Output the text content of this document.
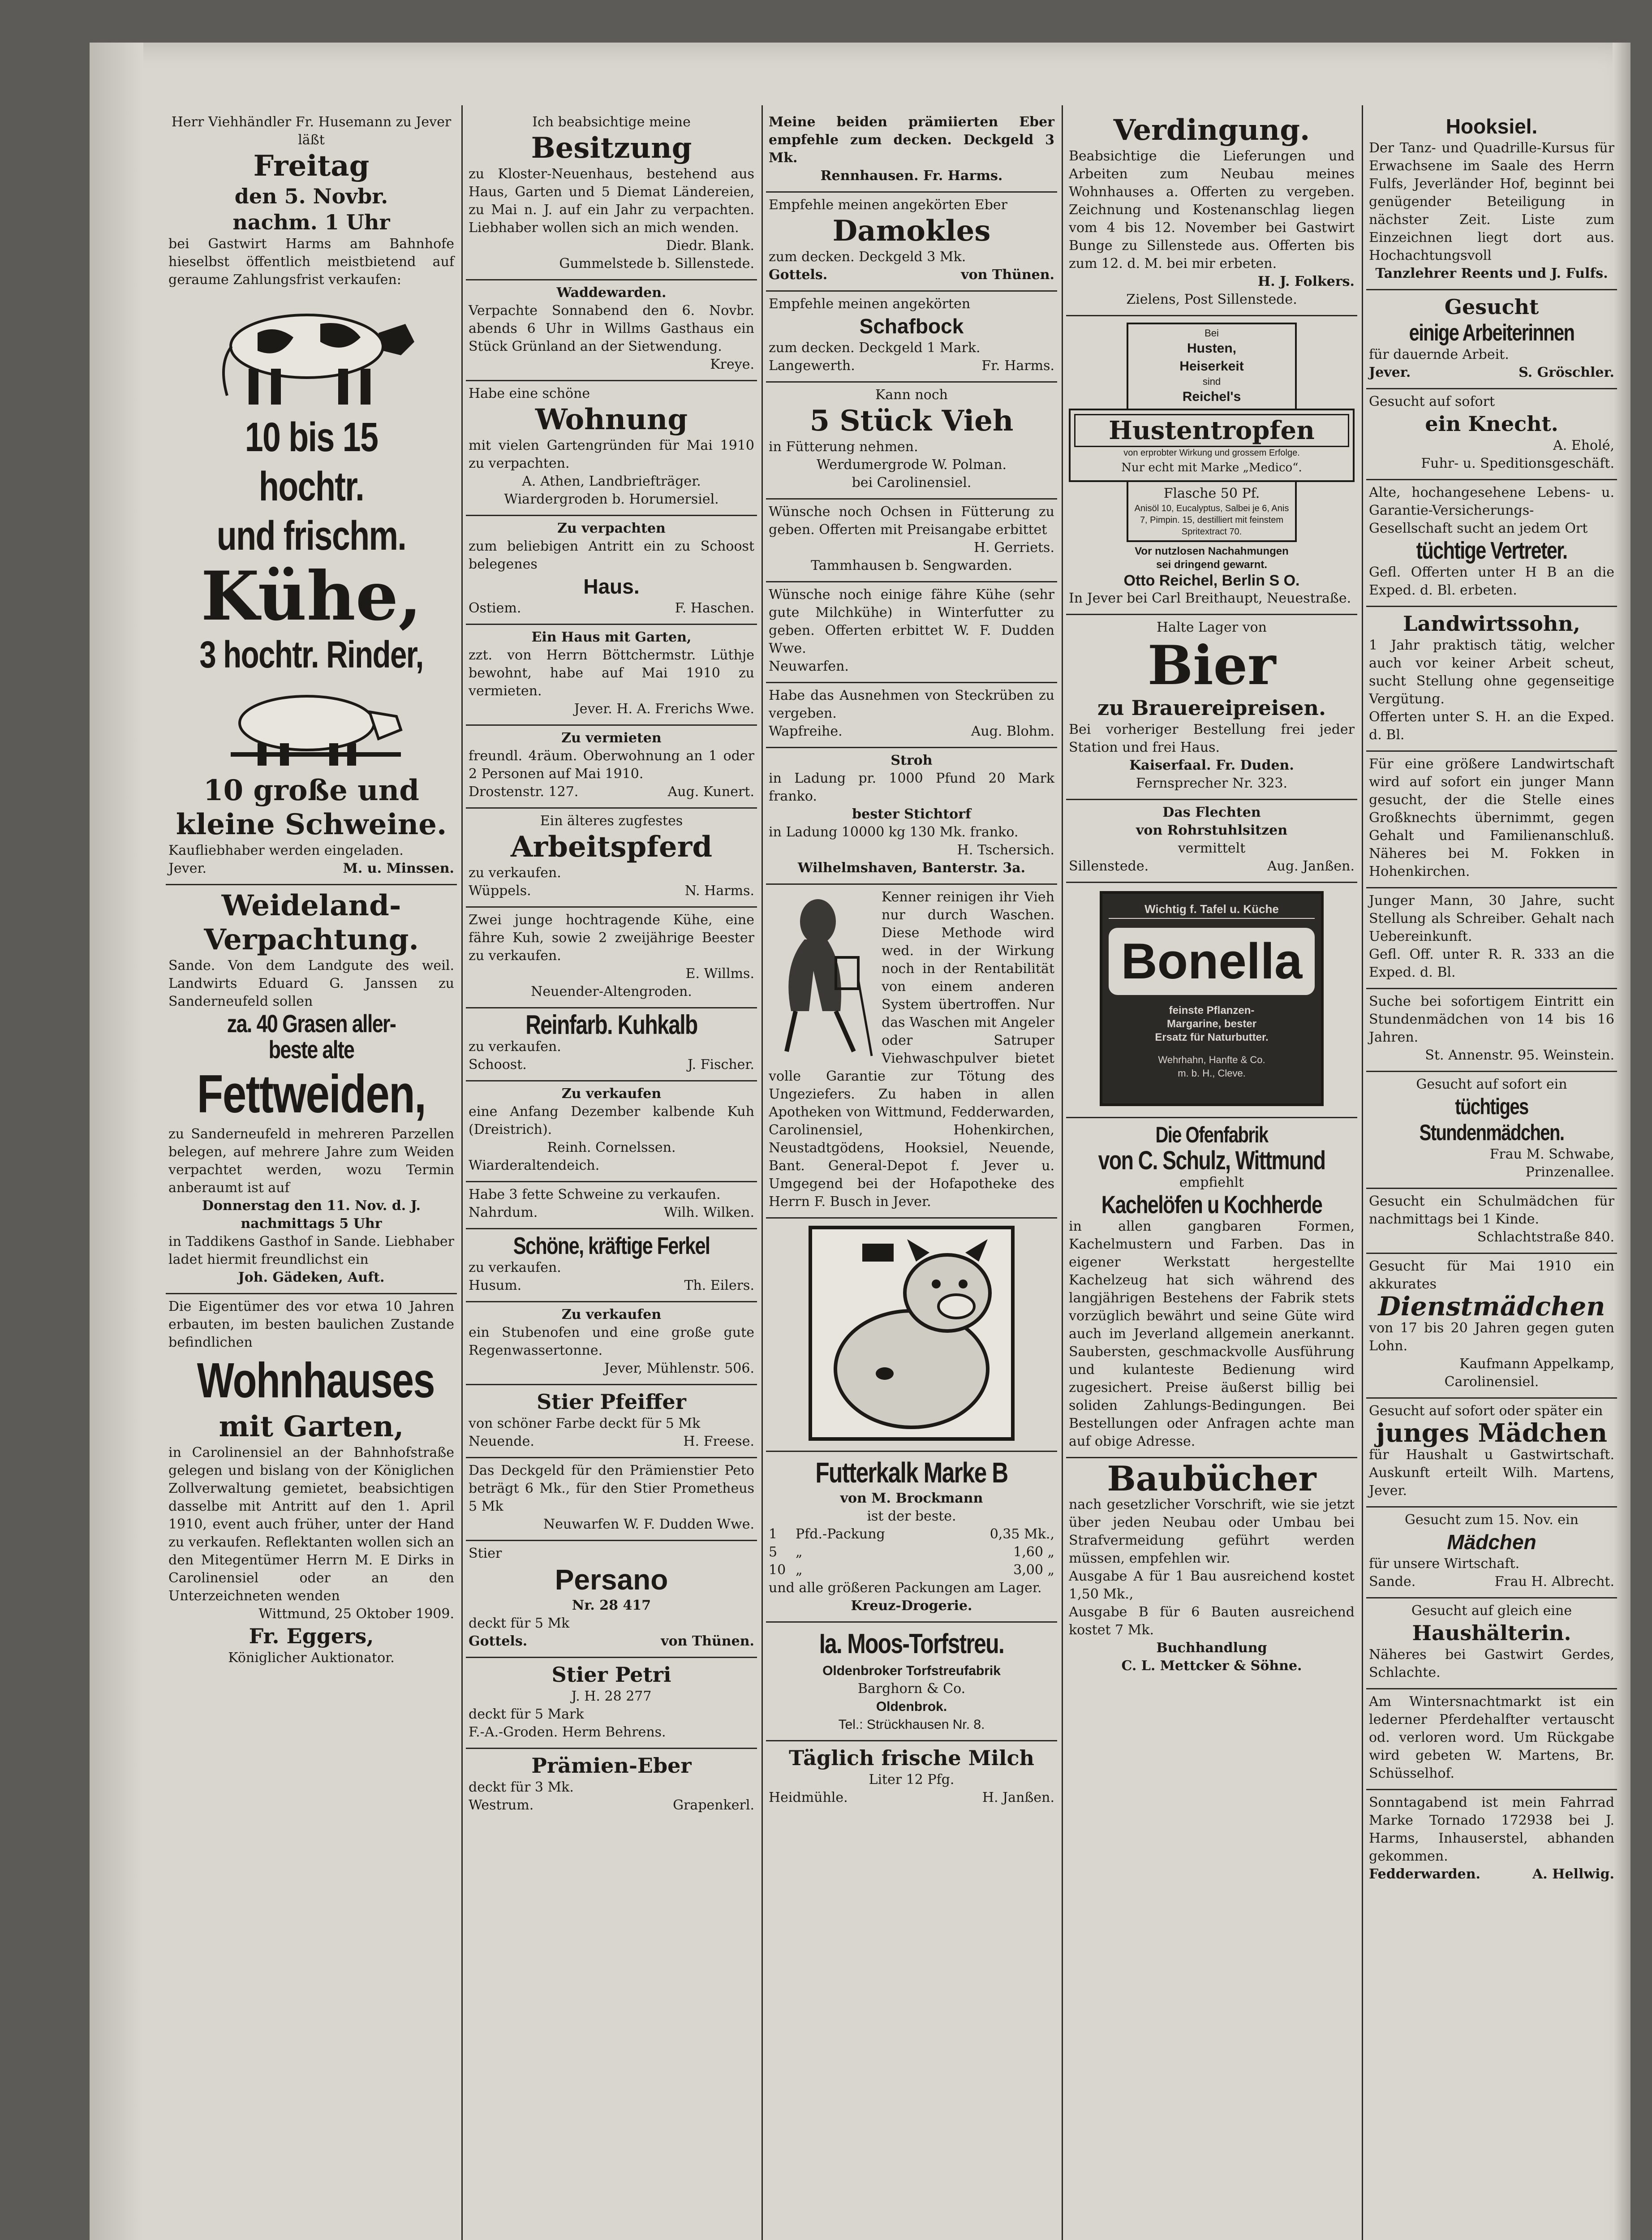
Herr Viehhändler Fr. Husemann zu Jever läßt

Freitag
den 5. Novbr.
nachm. 1 Uhr

bei Gastwirt Harms am Bahnhofe hieselbst öffentlich meistbietend auf geraume Zahlungsfrist verkaufen:

10 bis 15 hochtr.
und frischm.
Kühe,
3 hochtr. Rinder,
10 große und
kleine Schweine.

Kaufliebhaber werden eingeladen.

Jever.	M. u. Minssen.
Weideland-
Verpachtung.

Sande. Von dem Landgute des weil. Landwirts Eduard G. Janssen zu Sanderneufeld sollen

za. 40 Grasen aller-
beste alte
Fettweiden,

zu Sanderneufeld in mehreren Parzellen belegen, auf mehrere Jahre zum Weiden verpachtet werden, wozu Termin anberaumt ist auf

Donnerstag den 11. Nov. d. J. nachmittags 5 Uhr

in Taddikens Gasthof in Sande. Liebhaber ladet hiermit freundlichst ein

Joh. Gädeken, Auft.

Die Eigentümer des vor etwa 10 Jahren erbauten, im besten baulichen Zustande befindlichen

Wohnhauses
mit Garten,

in Carolinensiel an der Bahnhofstraße gelegen und bislang von der Königlichen Zollverwaltung gemietet, beabsichtigen dasselbe mit Antritt auf den 1. April 1910, event auch früher, unter der Hand zu verkaufen. Reflektanten wollen sich an den Mitegentümer Herrn M. E Dirks in Carolinensiel oder an den Unterzeichneten wenden

Wittmund, 25 Oktober 1909.

Fr. Eggers,

Königlicher Auktionator.

Ich beabsichtige meine

Besitzung

zu Kloster-Neuenhaus, bestehend aus Haus, Garten und 5 Diemat Ländereien, zu Mai n. J. auf ein Jahr zu verpachten. Liebhaber wollen sich an mich wenden.

Diedr. Blank.

Gummelstede b. Sillenstede.

Waddewarden.

Verpachte Sonnabend den 6. Novbr. abends 6 Uhr in Willms Gasthaus ein Stück Grünland an der Sietwendung.

Kreye.

Habe eine schöne

Wohnung

mit vielen Gartengründen für Mai 1910 zu verpachten.

A. Athen, Landbriefträger.

Wiardergroden b. Horumersiel.

Zu verpachten

zum beliebigen Antritt ein zu Schoost belegenes

Haus.
Ostiem.	F. Haschen.

Ein Haus mit Garten,

zzt. von Herrn Böttchermstr. Lüthje bewohnt, habe auf Mai 1910 zu vermieten.

Jever. H. A. Frerichs Wwe.

Zu vermieten

freundl. 4räum. Oberwohnung an 1 oder 2 Personen auf Mai 1910.

Drostenstr. 127.	Aug. Kunert.

Ein älteres zugfestes

Arbeitspferd

zu verkaufen.

Wüppels.	N. Harms.

Zwei junge hochtragende Kühe, eine fähre Kuh, sowie 2 zweijährige Beester zu verkaufen.

E. Willms.

Neuender-Altengroden.

Reinfarb. Kuhkalb

zu verkaufen.

Schoost.	J. Fischer.

Zu verkaufen

eine Anfang Dezember kalbende Kuh (Dreistrich).

Reinh. Cornelssen.

Wiarderaltendeich.

Habe 3 fette Schweine zu verkaufen.

Nahrdum.	Wilh. Wilken.
Schöne, kräftige Ferkel

zu verkaufen.

Husum.	Th. Eilers.

Zu verkaufen

ein Stubenofen und eine große gute Regenwassertonne.

Jever, Mühlenstr. 506.

Stier Pfeiffer

von schöner Farbe deckt für 5 Mk

Neuende.	H. Freese.

Das Deckgeld für den Prämienstier Peto beträgt 6 Mk., für den Stier Prometheus 5 Mk

Neuwarfen W. F. Dudden Wwe.

Stier

Persano

Nr. 28 417

deckt für 5 Mk

Gottels.	von Thünen.
Stier Petri

J. H. 28 277

deckt für 5 Mark

F.-A.-Groden. Herm Behrens.

Prämien-Eber

deckt für 3 Mk.

Westrum.	Grapenkerl.

Meine beiden prämiierten Eber empfehle zum decken. Deckgeld 3 Mk.

Rennhausen. Fr. Harms.

Empfehle meinen angekörten Eber

Damokles

zum decken. Deckgeld 3 Mk.

Gottels.	von Thünen.

Empfehle meinen angekörten

Schafbock

zum decken. Deckgeld 1 Mark.

Langewerth.	Fr. Harms.

Kann noch

5 Stück Vieh

in Fütterung nehmen.

Werdumergrode W. Polman.

bei Carolinensiel.

Wünsche noch Ochsen in Fütterung zu geben. Offerten mit Preisangabe erbittet

H. Gerriets.

Tammhausen b. Sengwarden.

Wünsche noch einige fähre Kühe (sehr gute Milchkühe) in Winterfutter zu geben. Offerten erbittet W. F. Dudden Wwe.

Neuwarfen.

Habe das Ausnehmen von Steckrüben zu vergeben.

Wapfreihe.	Aug. Blohm.

Stroh

in Ladung pr. 1000 Pfund 20 Mark franko.

bester Stichtorf

in Ladung 10000 kg 130 Mk. franko.

H. Tschersich.

Wilhelmshaven, Banterstr. 3a.

Kenner reinigen ihr Vieh nur durch Waschen. Diese Methode wird wed. in der Wirkung noch in der Rentabilität von einem anderen System übertroffen. Nur das Waschen mit Angeler oder Satruper Viehwaschpulver bietet volle Garantie zur Tötung des Ungeziefers. Zu haben in allen Apotheken von Wittmund, Fedderwarden, Carolinensiel, Hohenkirchen, Neustadtgödens, Hooksiel, Neuende, Bant. General-Depot f. Jever u. Umgegend bei der Hofapotheke des Herrn F. Busch in Jever.

Futterkalk Marke B

von M. Brockmann

ist der beste.

1	Pfd.-Packung	0,35 Mk.,
5	„	1,60 „
10 „	3,00 „

und alle größeren Packungen am Lager.

Kreuz-Drogerie.

Ia. Moos-Torfstreu.

Oldenbroker Torfstreufabrik

Barghorn & Co.

Oldenbrok.

Tel.: Strückhausen Nr. 8.

Täglich frische Milch

Liter 12 Pfg.

Heidmühle.	H. Janßen.
Verdingung.

Beabsichtige die Lieferungen und Arbeiten zum Neubau meines Wohnhauses a. Offerten zu vergeben. Zeichnung und Kostenanschlag liegen vom 4 bis 12. November bei Gastwirt Bunge zu Sillenstede aus. Offerten bis zum 12. d. M. bei mir erbeten.

H. J. Folkers.

Zielens, Post Sillenstede.

Bei

Husten,

Heiserkeit

sind

Reichel's

Hustentropfen

von erprobter Wirkung und grossem Erfolge.

Nur echt mit Marke „Medico“.

Flasche 50 Pf.

Anisöl 10, Eucalyptus, Salbei je 6, Anis 7, Pimpin. 15, destilliert mit feinstem Spritextract 70.

Vor nutzlosen Nachahmungen

sei dringend gewarnt.

Otto Reichel, Berlin S O.

In Jever bei Carl Breithaupt, Neuestraße.

Halte Lager von

Bier
zu Brauereipreisen.

Bei vorheriger Bestellung frei jeder Station und frei Haus.

Kaiserfaal. Fr. Duden.

Fernsprecher Nr. 323.

Das Flechten

von Rohrstuhlsitzen

vermittelt

Sillenstede.	Aug. Janßen.

Wichtig f. Tafel u. Küche

Bonella

feinste Pflanzen-

Margarine, bester

Ersatz für Naturbutter.

Wehrhahn, Hanfte & Co.

m. b. H., Cleve.

Die Ofenfabrik
von C. Schulz, Wittmund

empfiehlt

Kachelöfen u Kochherde

in allen gangbaren Formen, Kachelmustern und Farben. Das in eigener Werkstatt hergestellte Kachelzeug hat sich während des langjährigen Bestehens der Fabrik stets vorzüglich bewährt und seine Güte wird auch im Jeverland allgemein anerkannt. Saubersten, geschmackvolle Ausführung und kulanteste Bedienung wird zugesichert. Preise äußerst billig bei soliden Zahlungs-Bedingungen. Bei Bestellungen oder Anfragen achte man auf obige Adresse.

Baubücher

nach gesetzlicher Vorschrift, wie sie jetzt über jeden Neubau oder Umbau bei Strafvermeidung geführt werden müssen, empfehlen wir.

Ausgabe A für 1 Bau ausreichend kostet 1,50 Mk.,

Ausgabe B für 6 Bauten ausreichend kostet 7 Mk.

Buchhandlung

C. L. Mettcker & Söhne.

Hooksiel.

Der Tanz- und Quadrille-Kursus für Erwachsene im Saale des Herrn Fulfs, Jeverländer Hof, beginnt bei genügender Beteiligung in nächster Zeit. Liste zum Einzeichnen liegt dort aus. Hochachtungsvoll

Tanzlehrer Reents und J. Fulfs.

Gesucht
einige Arbeiterinnen

für dauernde Arbeit.

Jever.	S. Gröschler.

Gesucht auf sofort

ein Knecht.

A. Eholé,

Fuhr- u. Speditionsgeschäft.

Alte, hochangesehene Lebens- u. Garantie-Versicherungs-Gesellschaft sucht an jedem Ort

tüchtige Vertreter.

Gefl. Offerten unter H B an die Exped. d. Bl. erbeten.

Landwirtssohn,

1 Jahr praktisch tätig, welcher auch vor keiner Arbeit scheut, sucht Stellung ohne gegenseitige Vergütung.

Offerten unter S. H. an die Exped. d. Bl.

Für eine größere Landwirtschaft wird auf sofort ein junger Mann gesucht, der die Stelle eines Großknechts übernimmt, gegen Gehalt und Familienanschluß. Näheres bei M. Fokken in Hohenkirchen.

Junger Mann, 30 Jahre, sucht Stellung als Schreiber. Gehalt nach Uebereinkunft.

Gefl. Off. unter R. R. 333 an die Exped. d. Bl.

Suche bei sofortigem Eintritt ein Stundenmädchen von 14 bis 16 Jahren.

St. Annenstr. 95. Weinstein.

Gesucht auf sofort ein

tüchtiges Stundenmädchen.

Frau M. Schwabe,

Prinzenallee.

Gesucht ein Schulmädchen für nachmittags bei 1 Kinde.

Schlachtstraße 840.

Gesucht für Mai 1910 ein akkurates

Dienstmädchen

von 17 bis 20 Jahren gegen guten Lohn.

Kaufmann Appelkamp,

Carolinensiel.

Gesucht auf sofort oder später ein

junges Mädchen

für Haushalt u Gastwirtschaft. Auskunft erteilt Wilh. Martens, Jever.

Gesucht zum 15. Nov. ein

Mädchen

für unsere Wirtschaft.

Sande.	Frau H. Albrecht.

Gesucht auf gleich eine

Haushälterin.

Näheres bei Gastwirt Gerdes, Schlachte.

Am Wintersnachtmarkt ist ein lederner Pferdehalfter vertauscht od. verloren word. Um Rückgabe wird gebeten W. Martens, Br. Schüsselhof.

Sonntagabend ist mein Fahrrad Marke Tornado 172938 bei J. Harms, Inhauserstel, abhanden gekommen.

Fedderwarden.	A. Hellwig.
